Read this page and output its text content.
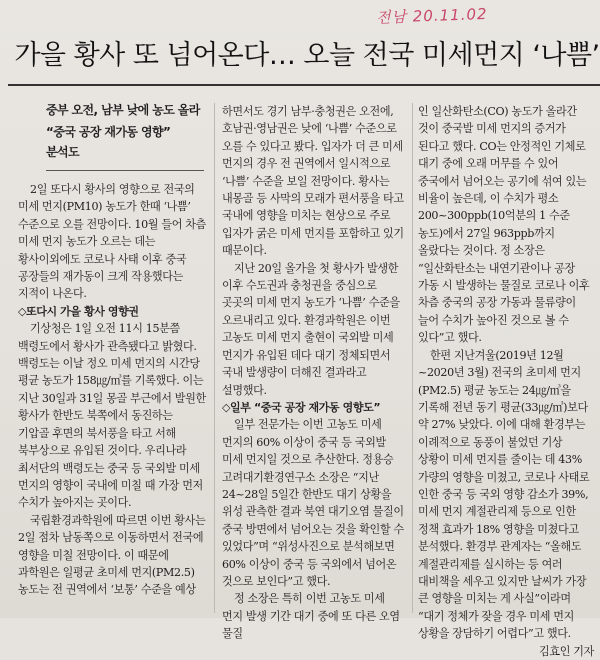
전남 20.11.02
가을 황사 또 넘어온다… 오늘 전국 미세먼지 ‘나쁨’
중부 오전, 남부 낮에 농도 올라
“중국 공장 재가동 영향” 분석도

2일 또다시 황사의 영향으로 전국의 미세 먼지(PM10) 농도가 한때 ‘나쁨’ 수준으로 오를 전망이다. 10월 들어 차츰 미세 먼지 농도가 오르는 데는 황사이외에도 코로나 사태 이후 중국 공장들의 재가동이 크게 작용했다는 지적이 나온다.

◇또다시 가을 황사 영향권

기상청은 1일 오전 11시 15분쯤 백령도에서 황사가 관측됐다고 밝혔다. 백령도는 이날 정오 미세 먼지의 시간당 평균 농도가 158㎍/㎥를 기록했다. 이는 지난 30일과 31일 몽골 부근에서 발원한 황사가 한반도 북쪽에서 동진하는 기압골 후면의 북서풍을 타고 서해 북부상으로 유입된 것이다. 우리나라 최서단의 백령도는 중국 등 국외발 미세 먼지의 영향이 국내에 미칠 때 가장 먼저 수치가 높아지는 곳이다.

국립환경과학원에 따르면 이번 황사는 2일 점차 남동쪽으로 이동하면서 전국에 영향을 미칠 전망이다. 이 때문에 과학원은 일평균 초미세 먼지(PM2.5) 농도는 전 권역에서 ‘보통’ 수준을 예상

하면서도 경기 남부·충청권은 오전에, 호남권·영남권은 낮에 ‘나쁨’ 수준으로 오를 수 있다고 봤다. 입자가 더 큰 미세 먼지의 경우 전 권역에서 일시적으로 ‘나쁨’ 수준을 보일 전망이다. 황사는 내몽골 등 사막의 모래가 편서풍을 타고 국내에 영향을 미치는 현상으로 주로 입자가 굵은 미세 먼지를 포함하고 있기 때문이다.

지난 20일 올가을 첫 황사가 발생한 이후 수도권과 충청권을 중심으로 곳곳의 미세 먼지 농도가 ‘나쁨’ 수준을 오르내리고 있다. 환경과학원은 이번 고농도 미세 먼지 출현이 국외발 미세 먼지가 유입된 데다 대기 정체되면서 국내 발생량이 더해진 결과라고 설명했다.

◇일부 “중국 공장 재가동 영향도”

일부 전문가는 이번 고농도 미세 먼지의 60% 이상이 중국 등 국외발 미세 먼지일 것으로 추산한다. 정용승 고려대기환경연구소 소장은 “지난 24~28일 5일간 한반도 대기 상황을 위성 관측한 결과 북연 대기오염 물질이 중국 방면에서 넘어오는 것을 확인할 수 있었다”며 “위성사진으로 분석해보면 60% 이상이 중국 등 국외에서 넘어온 것으로 보인다”고 했다.

정 소장은 특히 이번 고농도 미세 먼지 발생 기간 대기 중에 또 다른 오염 물질

인 일산화탄소(CO) 농도가 올라간 것이 중국발 미세 먼지의 증거가 된다고 했다. CO는 안정적인 기체로 대기 중에 오래 머무를 수 있어 중국에서 넘어오는 공기에 섞여 있는 비율이 높은데, 이 수치가 평소 200~300ppb(10억분의 1 수준 농도)에서 27일 963ppb까지 올랐다는 것이다. 정 소장은 “일산화탄소는 내연기관이나 공장 가동 시 발생하는 물질로 코로나 이후 차츰 중국의 공장 가동과 물류량이 늘어 수치가 높아진 것으로 볼 수 있다”고 했다.

한편 지난겨울(2019년 12월~2020년 3월) 전국의 초미세 먼지(PM2.5) 평균 농도는 24㎍/㎥을 기록해 전년 동기 평균(33㎍/㎥)보다 약 27% 낮았다. 이에 대해 환경부는 이례적으로 동풍이 불었던 기상 상황이 미세 먼지를 줄이는 데 43%가량의 영향을 미쳤고, 코로나 사태로 인한 중국 등 국외 영향 감소가 39%, 미세 먼지 계절관리제 등으로 인한 정책 효과가 18% 영향을 미쳤다고 분석했다. 환경부 관계자는 “올해도 계절관리제를 실시하는 등 여러 대비책을 세우고 있지만 날씨가 가장 큰 영향을 미치는 게 사실”이라며 “대기 정체가 잦을 경우 미세 먼지 상황을 장담하기 어렵다”고 했다.

김효인 기자
